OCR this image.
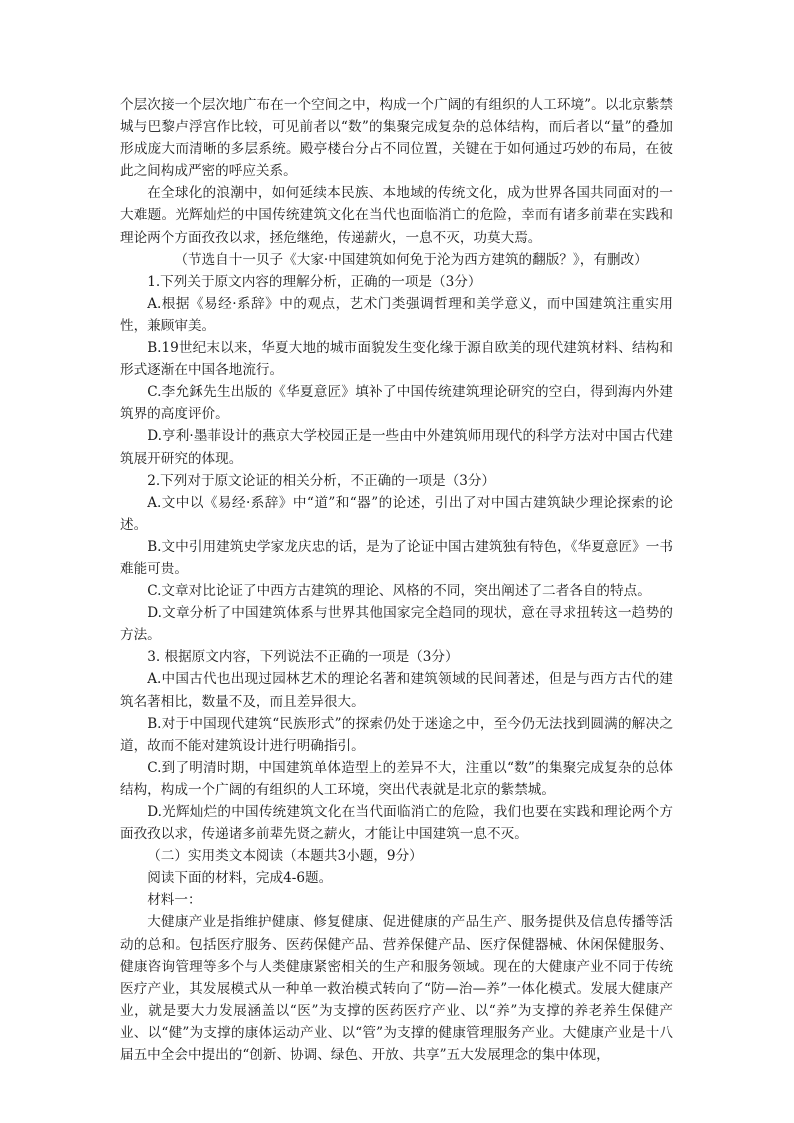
个层次接一个层次地广布在一个空间之中，构成一个广阔的有组织的人工环境”。以北京紫禁城与巴黎卢浮宫作比较，可见前者以“数”的集聚完成复杂的总体结构，而后者以“量”的叠加形成庞大而清晰的多层系统。殿亭楼台分占不同位置，关键在于如何通过巧妙的布局，在彼此之间构成严密的呼应关系。

在全球化的浪潮中，如何延续本民族、本地域的传统文化，成为世界各国共同面对的一大难题。光辉灿烂的中国传统建筑文化在当代也面临消亡的危险，幸而有诸多前辈在实践和理论两个方面孜孜以求，拯危继绝，传递薪火，一息不灭，功莫大焉。

（节选自十一贝子《大家·中国建筑如何免于沦为西方建筑的翻版？》，有删改）

1.下列关于原文内容的理解分析，正确的一项是（3分）

A.根据《易经·系辞》中的观点，艺术门类强调哲理和美学意义，而中国建筑注重实用性，兼顾审美。

B.19世纪末以来，华夏大地的城市面貌发生变化缘于源自欧美的现代建筑材料、结构和形式逐渐在中国各地流行。

C.李允鉌先生出版的《华夏意匠》填补了中国传统建筑理论研究的空白，得到海内外建筑界的高度评价。

D.亨利·墨菲设计的燕京大学校园正是一些由中外建筑师用现代的科学方法对中国古代建筑展开研究的体现。

2.下列对于原文论证的相关分析，不正确的一项是（3分）

A.文中以《易经·系辞》中“道”和“器”的论述，引出了对中国古建筑缺少理论探索的论述。

B.文中引用建筑史学家龙庆忠的话，是为了论证中国古建筑独有特色，《华夏意匠》一书难能可贵。

C.文章对比论证了中西方古建筑的理论、风格的不同，突出阐述了二者各自的特点。

D.文章分析了中国建筑体系与世界其他国家完全趋同的现状，意在寻求扭转这一趋势的方法。

3. 根据原文内容，下列说法不正确的一项是（3分）

A.中国古代也出现过园林艺术的理论名著和建筑领域的民间著述，但是与西方古代的建筑名著相比，数量不及，而且差异很大。

B.对于中国现代建筑“民族形式”的探索仍处于迷途之中，至今仍无法找到圆满的解决之道，故而不能对建筑设计进行明确指引。

C.到了明清时期，中国建筑单体造型上的差异不大，注重以“数”的集聚完成复杂的总体结构，构成一个广阔的有组织的人工环境，突出代表就是北京的紫禁城。

D.光辉灿烂的中国传统建筑文化在当代面临消亡的危险，我们也要在实践和理论两个方面孜孜以求，传递诸多前辈先贤之薪火，才能让中国建筑一息不灭。

（二）实用类文本阅读（本题共3小题，9分）

阅读下面的材料，完成4-6题。

材料一：

大健康产业是指维护健康、修复健康、促进健康的产品生产、服务提供及信息传播等活动的总和。包括医疗服务、医药保健产品、营养保健产品、医疗保健器械、休闲保健服务、健康咨询管理等多个与人类健康紧密相关的生产和服务领域。现在的大健康产业不同于传统医疗产业，其发展模式从一种单一救治模式转向了“防—治—养”一体化模式。发展大健康产业，就是要大力发展涵盖以“医”为支撑的医药医疗产业、以“养”为支撑的养老养生保健产业、以“健”为支撑的康体运动产业、以“管”为支撑的健康管理服务产业。大健康产业是十八届五中全会中提出的“创新、协调、绿色、开放、共享”五大发展理念的集中体现，
